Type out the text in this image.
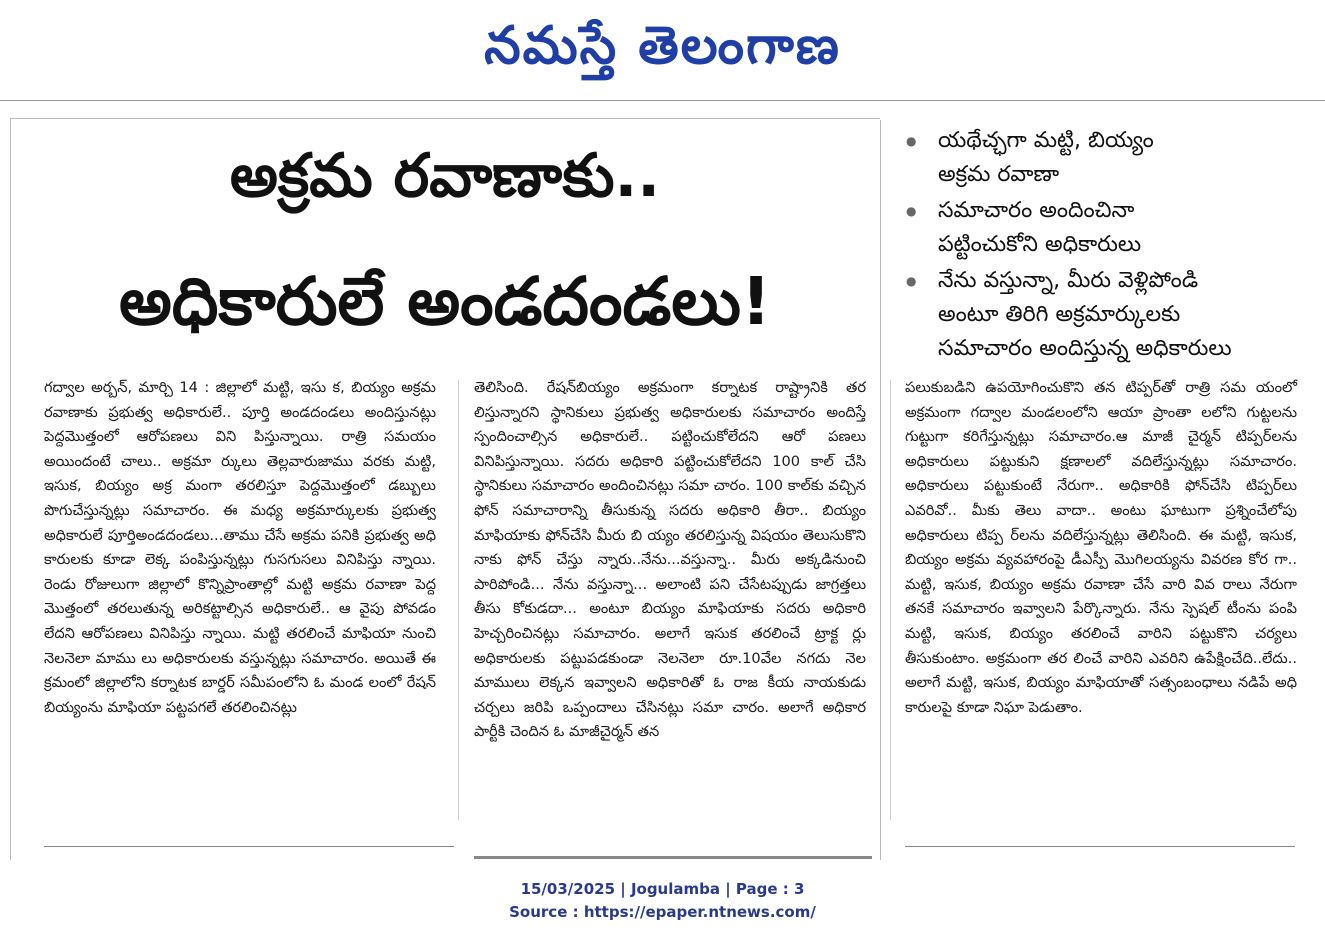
నమస్తే తెలంగాణ
అక్రమ రవాణాకు..
అధికారులే అండదండలు!
● యథేచ్ఛగా మట్టి, బియ్యం
అక్రమ రవాణా
● సమాచారం అందించినా
పట్టించుకోని అధికారులు
● నేను వస్తున్నా, మీరు వెళ్లిపోండి
అంటూ తిరిగి అక్రమార్కులకు
సమాచారం అందిస్తున్న అధికారులు

గద్వాల అర్బన్, మార్చి 14 : జిల్లాలో మట్టి, ఇసు క, బియ్యం అక్రమ రవాణాకు ప్రభుత్వ అధికారులే.. పూర్తి అండదండలు అందిస్తునట్లు పెద్దమొత్తంలో ఆరోపణలు విని పిస్తున్నాయి. రాత్రి సమయం అయిందంటే చాలు.. అక్రమా ర్కులు తెల్లవారుజాము వరకు మట్టి, ఇసుక, బియ్యం అక్ర మంగా తరలిస్తూ పెద్దమొత్తంలో డబ్బులు పొగుచేస్తున్నట్లు సమాచారం. ఈ మధ్య అక్రమార్కులకు ప్రభుత్వ అధికారులే పూర్తిఅండదండలు...తాము చేసే అక్రమ పనికి ప్రభుత్వ అధి కారులకు కూడా లెక్క పంపిస్తున్నట్లు గుసగుసలు వినిపిస్తు న్నాయి. రెండు రోజులుగా జిల్లాలో కొన్నిప్రాంతాల్లో మట్టి అక్రమ రవాణా పెద్ద మొత్తంలో తరలుతున్న అరికట్టాల్సిన అధికారులే.. ఆ వైపు పోవడం లేదని ఆరోపణలు వినిపిస్తు న్నాయి. మట్టి తరలించే మాఫియా నుంచి నెలనెలా మాము లు అధికారులకు వస్తున్నట్లు సమాచారం. అయితే ఈ క్రమంలో జిల్లాలోని కర్నాటక బార్డర్ సమీపంలోని ఓ మండ లంలో రేషన్ బియ్యంను మాఫియా పట్టపగలే తరలించినట్లు

తెలిసింది. రేషన్‌బియ్యం అక్రమంగా కర్నాటక రాష్ట్రానికి తర లిస్తున్నారని స్థానికులు ప్రభుత్వ అధికారులకు సమాచారం అందిస్తే స్పందించాల్సిన అధికారులే.. పట్టించుకోలేదని ఆరో పణలు వినిపిస్తున్నాయి. సదరు అధికారి పట్టించుకోలేదని 100 కాల్ చేసి స్థానికులు సమాచారం అందించినట్లు సమా చారం. 100 కాల్‌కు వచ్చిన ఫోన్ సమాచారాన్ని తీసుకున్న సదరు అధికారి తీరా.. బియ్యం మాఫియాకు ఫోన్‌చేసి మీరు బి య్యం తరలిస్తున్న విషయం తెలుసుకొని నాకు ఫోన్ చేస్తు న్నారు..నేను...వస్తున్నా.. మీరు అక్కడినుంచి పారిపోండి... నేను వస్తున్నా... అలాంటి పని చేసేటప్పుడు జాగ్రత్తలు తీసు కోకుడదా... అంటూ బియ్యం మాఫియాకు సదరు అధికారి హెచ్చరించినట్లు సమాచారం. అలాగే ఇసుక తరలించే ట్రాక్ట ర్లు అధికారులకు పట్టుపడకుండా నెలనెలా రూ.10వేల నగదు నెల మాములు లెక్కన ఇవ్వాలని అధికారితో ఓ రాజ కీయ నాయకుడు చర్చలు జరిపి ఒప్పందాలు చేసినట్లు సమా చారం. అలాగే అధికార పార్టీకి చెందిన ఓ మాజీచైర్మన్ తన

పలుకుబడిని ఉపయోగించుకొని తన టిప్పర్‌తో రాత్రి సమ యంలో అక్రమంగా గద్వాల మండలంలోని ఆయా ప్రాంతా లలోని గుట్టలను గుట్టుగా కరిగేస్తున్నట్లు సమాచారం.ఆ మాజీ చైర్మన్ టిప్పర్‌లను అధికారులు పట్టుకుని క్షణాలలో వదిలేస్తున్నట్లు సమాచారం. అధికారులు పట్టుకుంటే నేరుగా.. అధికారికి ఫోన్‌చేసి టిప్పర్‌లు ఎవరివో.. మీకు తెలు వాదా.. అంటు ఘాటుగా ప్రశ్నించేలోపు అధికారులు టిప్ప ర్‌లను వదిలేస్తున్నట్లు తెలిసింది. ఈ మట్టి, ఇసుక, బియ్యం అక్రమ వ్యవహారంపై డీఎస్పీ మొగిలయ్యను వివరణ కోర గా.. మట్టి, ఇసుక, బియ్యం అక్రమ రవాణా చేసే వారి వివ రాలు నేరుగా తనకే సమాచారం ఇవ్వాలని పేర్కొన్నారు. నేను స్పెషల్ టీంను పంపి మట్టి, ఇసుక, బియ్యం తరలించే వారిని పట్టుకొని చర్యలు తీసుకుంటాం. అక్రమంగా తర లించే వారిని ఎవరిని ఉపేక్షించేది..లేదు.. అలాగే మట్టి, ఇసుక, బియ్యం మాఫియాతో సత్సంబంధాలు నడిపే అధి కారులపై కూడా నిఘా పెడుతాం.

15/03/2025 | Jogulamba | Page : 3
Source : https://epaper.ntnews.com/
